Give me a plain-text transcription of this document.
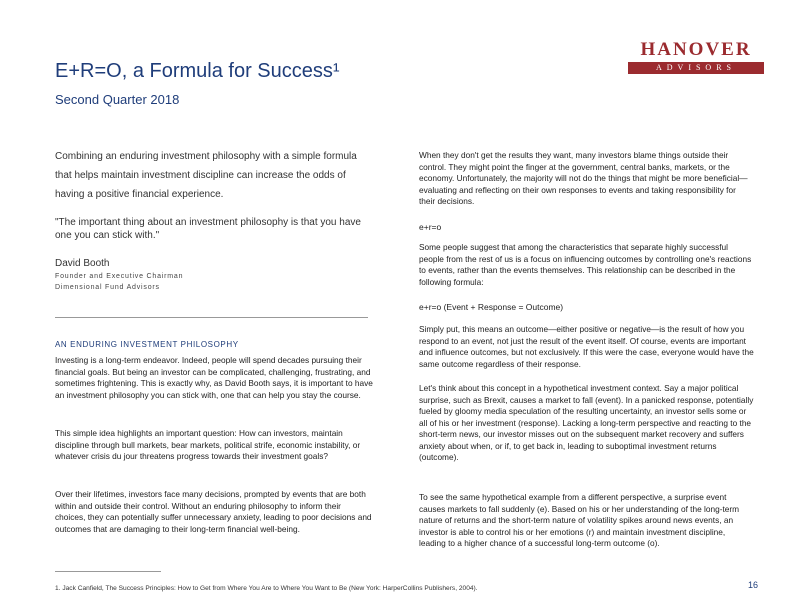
E+R=O, a Formula for Success¹
Second Quarter 2018
HANOVER
ADVISORS
Combining an enduring investment philosophy with a simple formula that helps maintain investment discipline can increase the odds of having a positive financial experience.
"The important thing about an investment philosophy is that you have one you can stick with."
David Booth
Founder and Executive Chairman
Dimensional Fund Advisors
AN ENDURING INVESTMENT PHILOSOPHY

Investing is a long-term endeavor. Indeed, people will spend decades pursuing their financial goals. But being an investor can be complicated, challenging, frustrating, and sometimes frightening. This is exactly why, as David Booth says, it is important to have an investment philosophy you can stick with, one that can help you stay the course.

This simple idea highlights an important question: How can investors, maintain discipline through bull markets, bear markets, political strife, economic instability, or whatever crisis du jour threatens progress towards their investment goals?

Over their lifetimes, investors face many decisions, prompted by events that are both within and outside their control. Without an enduring philosophy to inform their choices, they can potentially suffer unnecessary anxiety, leading to poor decisions and outcomes that are damaging to their long-term financial well-being.

When they don't get the results they want, many investors blame things outside their control. They might point the finger at the government, central banks, markets, or the economy. Unfortunately, the majority will not do the things that might be more beneficial—evaluating and reflecting on their own responses to events and taking responsibility for their decisions.

e+r=o

Some people suggest that among the characteristics that separate highly successful people from the rest of us is a focus on influencing outcomes by controlling one's reactions to events, rather than the events themselves. This relationship can be described in the following formula:

e+r=o (Event + Response = Outcome)

Simply put, this means an outcome—either positive or negative—is the result of how you respond to an event, not just the result of the event itself. Of course, events are important and influence outcomes, but not exclusively. If this were the case, everyone would have the same outcome regardless of their response.

Let's think about this concept in a hypothetical investment context. Say a major political surprise, such as Brexit, causes a market to fall (event). In a panicked response, potentially fueled by gloomy media speculation of the resulting uncertainty, an investor sells some or all of his or her investment (response). Lacking a long-term perspective and reacting to the short-term news, our investor misses out on the subsequent market recovery and suffers anxiety about when, or if, to get back in, leading to suboptimal investment returns (outcome).

To see the same hypothetical example from a different perspective, a surprise event causes markets to fall suddenly (e). Based on his or her understanding of the long-term nature of returns and the short-term nature of volatility spikes around news events, an investor is able to control his or her emotions (r) and maintain investment discipline, leading to a higher chance of a successful long-term outcome (o).

1. Jack Canfield, The Success Principles: How to Get from Where You Are to Where You Want to Be (New York: HarperCollins Publishers, 2004).	16
